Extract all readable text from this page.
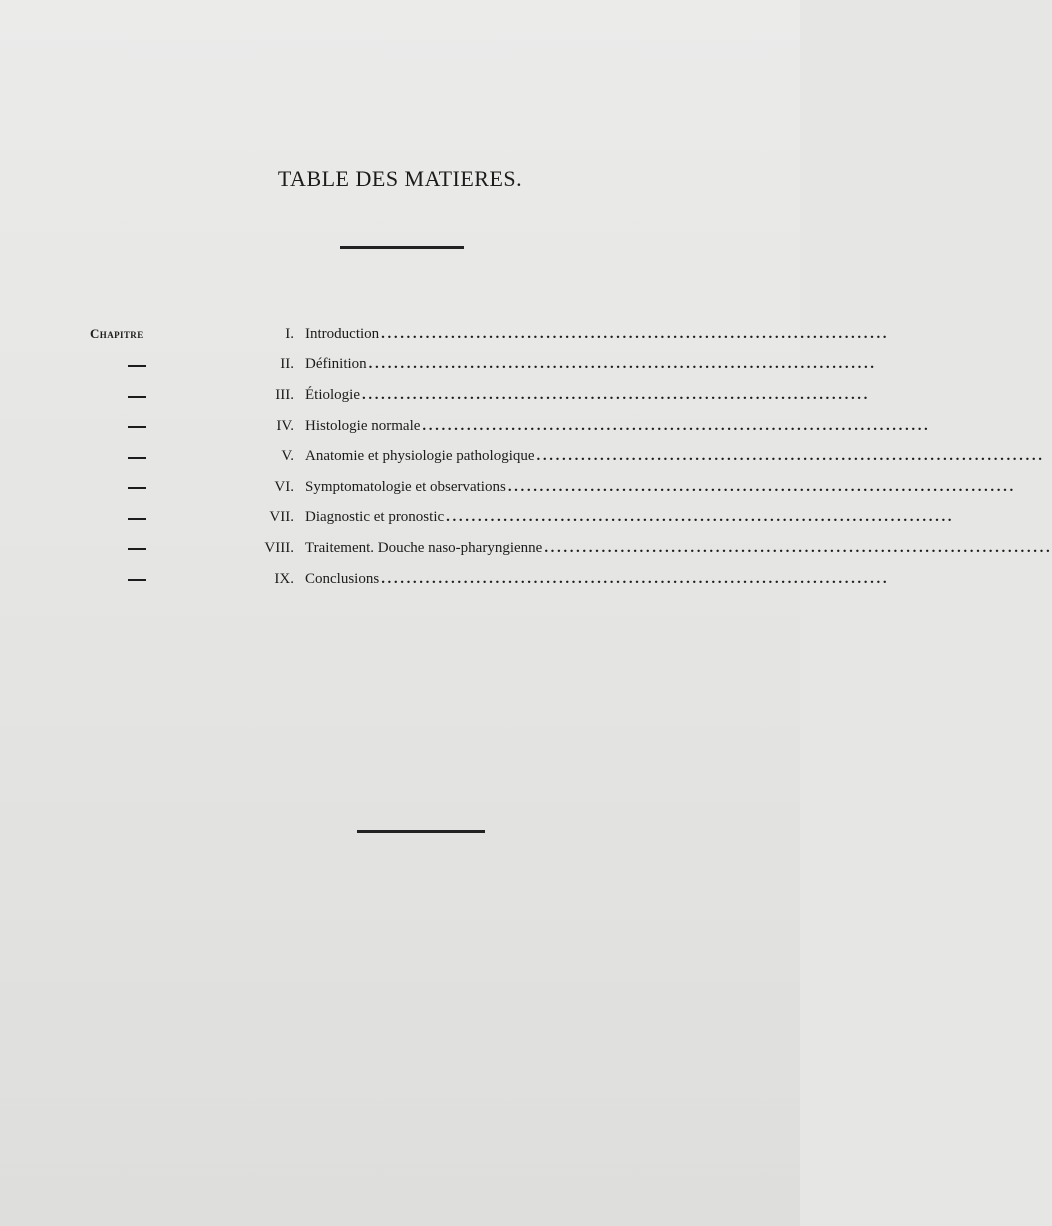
TABLE DES MATIERES.
Chapitre	I. Introduction ................................................................................
II. Définition ................................................................................
III. Étiologie ................................................................................
IV. Histologie normale ................................................................................
V. Anatomie et physiologie pathologique ................................................................................
VI. Symptomatologie et observations ................................................................................
VII. Diagnostic et pronostic ................................................................................
VIII. Traitement. Douche naso-pharyngienne ................................................................................
IX. Conclusions ................................................................................
